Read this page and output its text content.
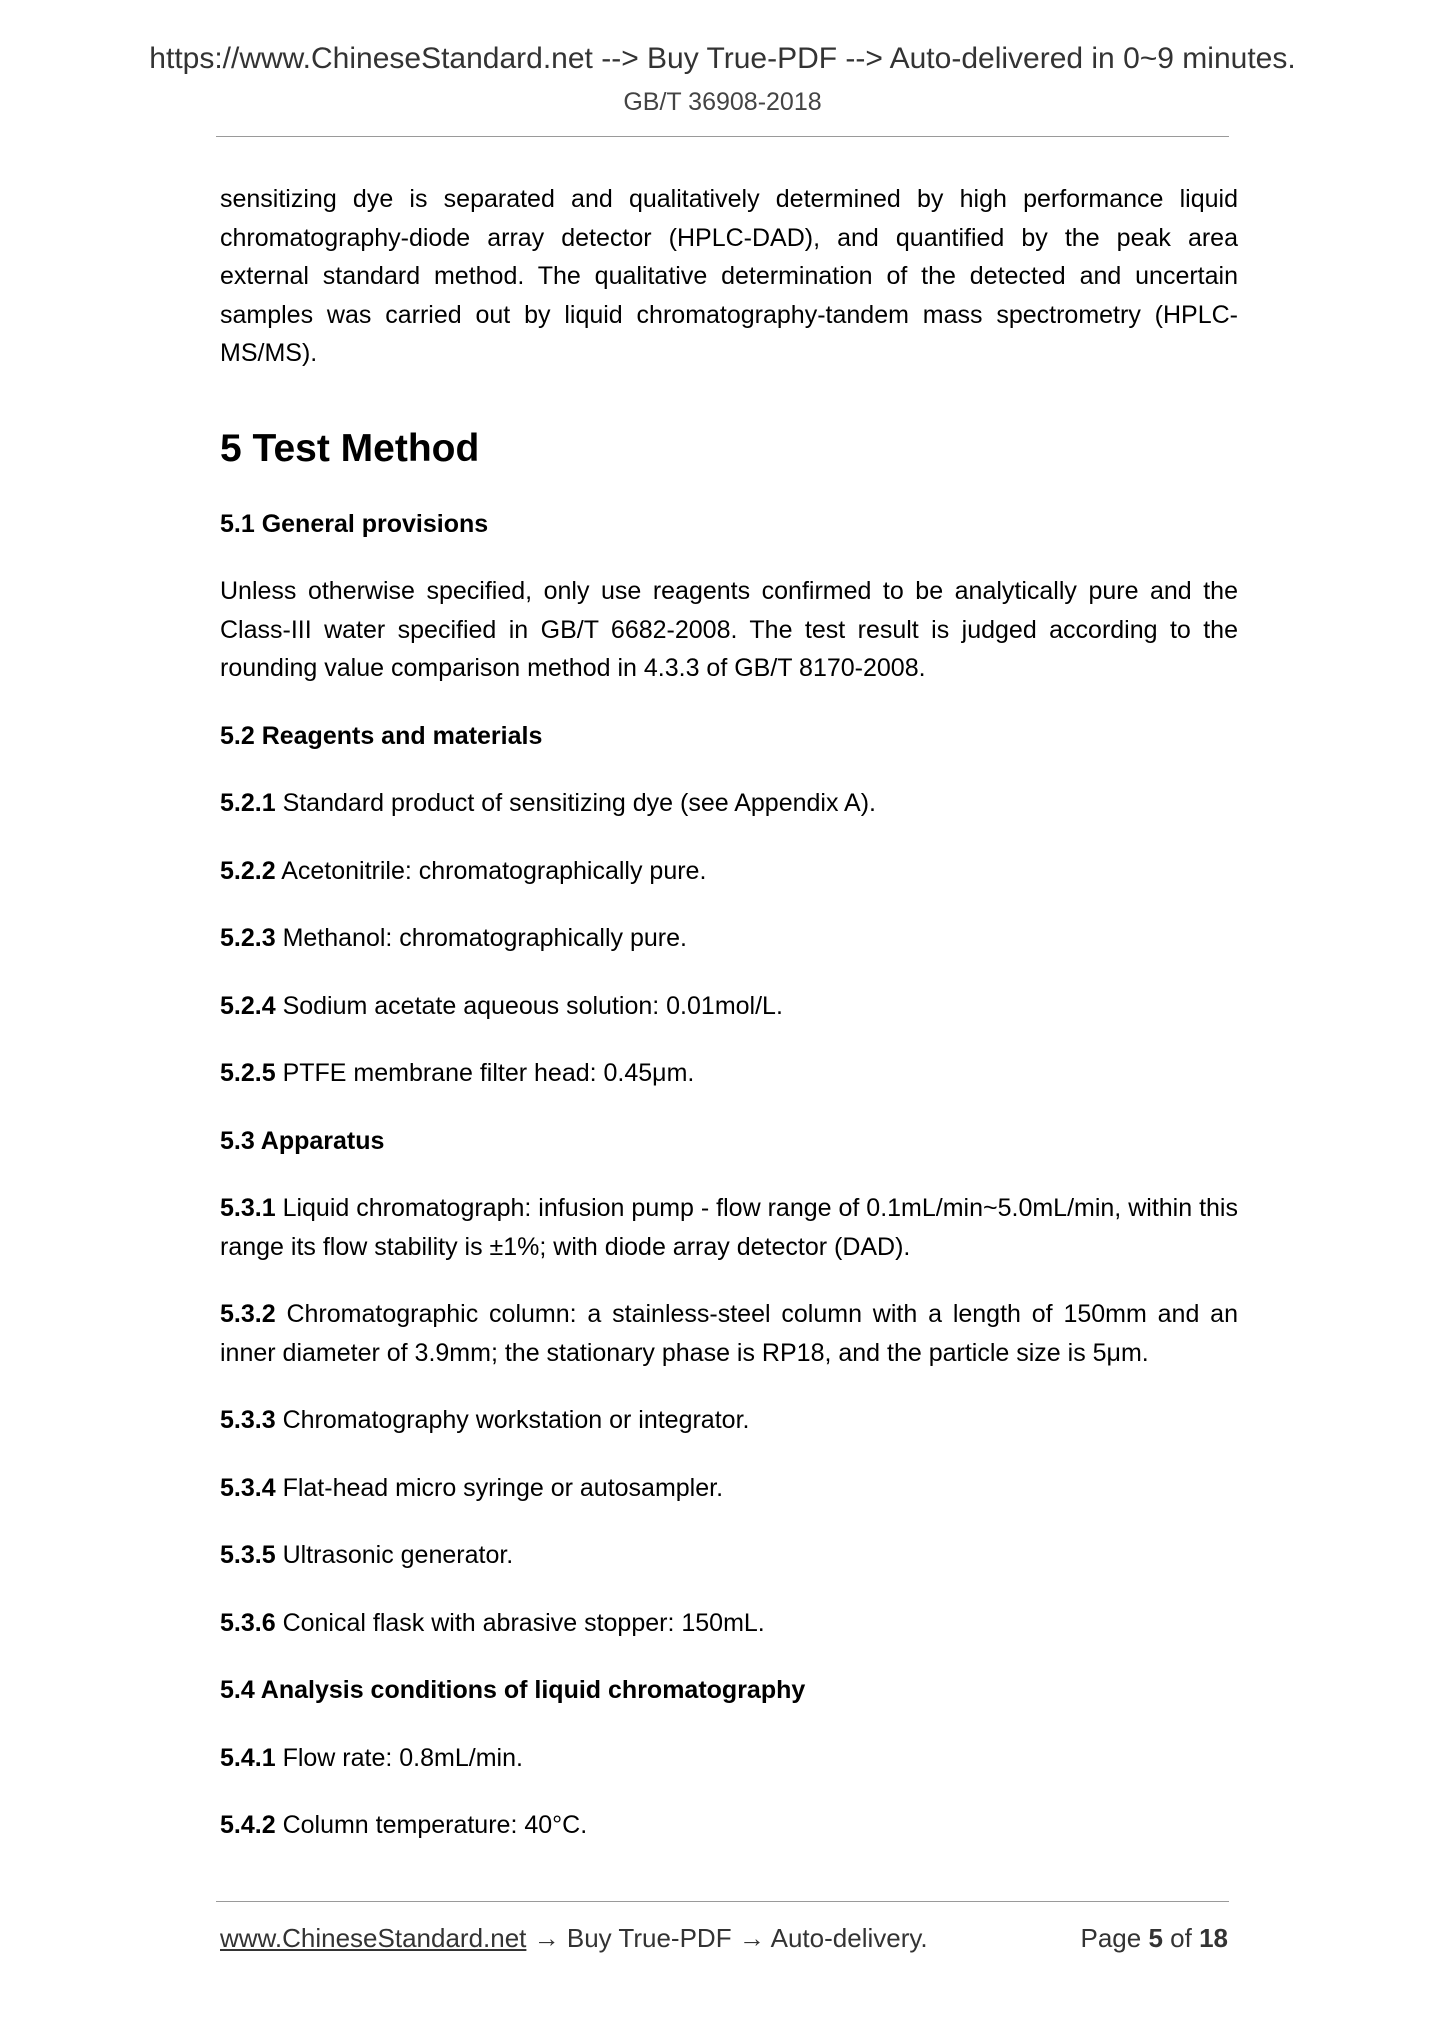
https://www.ChineseStandard.net --> Buy True-PDF --> Auto-delivered in 0~9 minutes.
GB/T 36908-2018

sensitizing dye is separated and qualitatively determined by high performance liquid chromatography-diode array detector (HPLC-DAD), and quantified by the peak area external standard method. The qualitative determination of the detected and uncertain samples was carried out by liquid chromatography-tandem mass spectrometry (HPLC-MS/MS).

5 Test Method
5.1 General provisions

Unless otherwise specified, only use reagents confirmed to be analytically pure and the Class-III water specified in GB/T 6682-2008. The test result is judged according to the rounding value comparison method in 4.3.3 of GB/T 8170-2008.

5.2 Reagents and materials

5.2.1 Standard product of sensitizing dye (see Appendix A).

5.2.2 Acetonitrile: chromatographically pure.

5.2.3 Methanol: chromatographically pure.

5.2.4 Sodium acetate aqueous solution: 0.01mol/L.

5.2.5 PTFE membrane filter head: 0.45μm.

5.3 Apparatus

5.3.1 Liquid chromatograph: infusion pump - flow range of 0.1mL/min~5.0mL/min, within this range its flow stability is ±1%; with diode array detector (DAD).

5.3.2 Chromatographic column: a stainless-steel column with a length of 150mm and an inner diameter of 3.9mm; the stationary phase is RP18, and the particle size is 5μm.

5.3.3 Chromatography workstation or integrator.

5.3.4 Flat-head micro syringe or autosampler.

5.3.5 Ultrasonic generator.

5.3.6 Conical flask with abrasive stopper: 150mL.

5.4 Analysis conditions of liquid chromatography

5.4.1 Flow rate: 0.8mL/min.

5.4.2 Column temperature: 40°C.

www.ChineseStandard.net → Buy True-PDF → Auto-delivery.	Page 5 of 18
